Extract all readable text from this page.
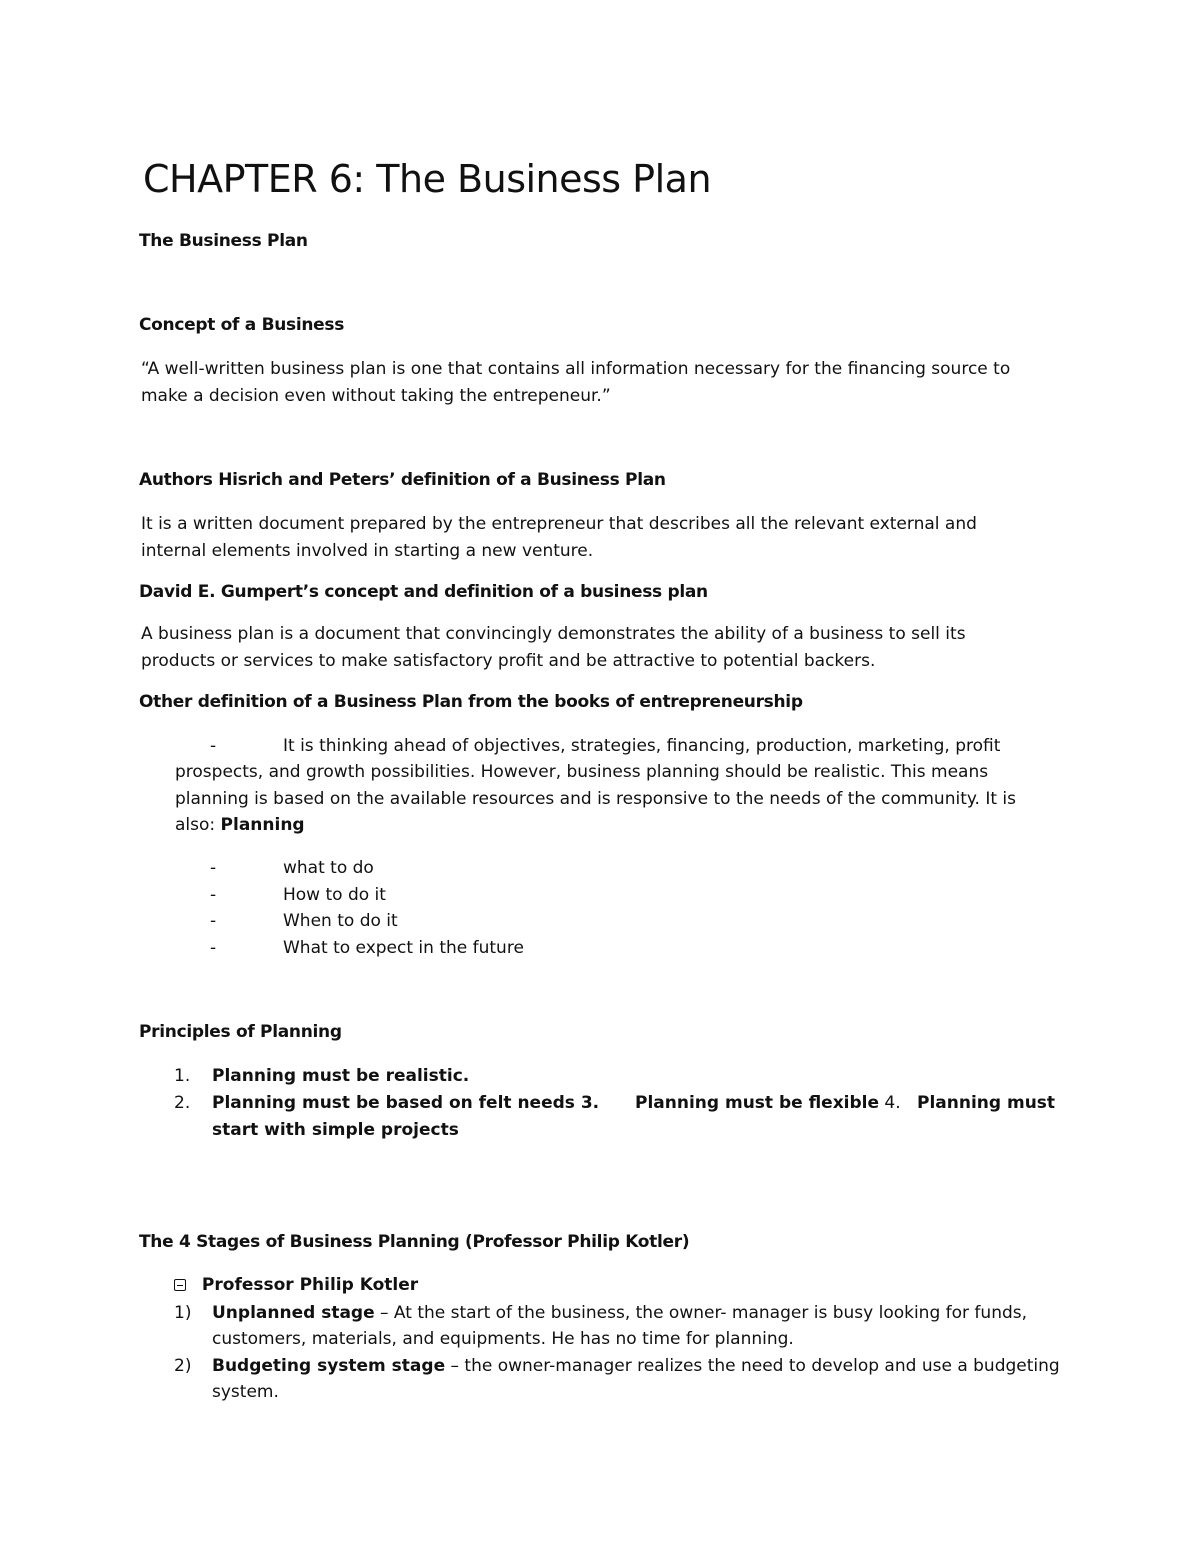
CHAPTER 6: The Business Plan
The Business Plan
Concept of a Business
“A well-written business plan is one that contains all information necessary for the financing source to
make a decision even without taking the entrepeneur.”
Authors Hisrich and Peters’ definition of a Business Plan
It is a written document prepared by the entrepreneur that describes all the relevant external and
internal elements involved in starting a new venture.
David E. Gumpert’s concept and definition of a business plan
A business plan is a document that convincingly demonstrates the ability of a business to sell its
products or services to make satisfactory profit and be attractive to potential backers.
Other definition of a Business Plan from the books of entrepreneurship
-	It is thinking ahead of objectives, strategies, financing, production, marketing, profit
prospects, and growth possibilities. However, business planning should be realistic. This means
planning is based on the available resources and is responsive to the needs of the community. It is
also: Planning
-	what to do
-	How to do it
-	When to do it
-	What to expect in the future
Principles of Planning
1. Planning must be realistic.
2. Planning must be based on felt needs 3. Planning must be flexible 4. Planning must
start with simple projects
The 4 Stages of Business Planning (Professor Philip Kotler)
Professor Philip Kotler
1) Unplanned stage – At the start of the business, the owner- manager is busy looking for funds,
customers, materials, and equipments. He has no time for planning.
2) Budgeting system stage – the owner-manager realizes the need to develop and use a budgeting
system.
